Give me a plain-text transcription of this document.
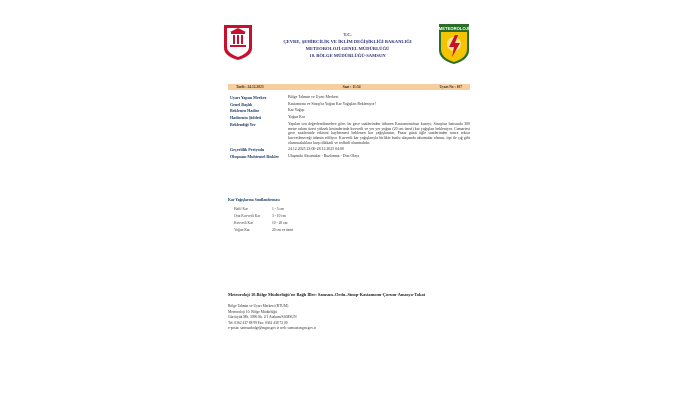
T.C.
ÇEVRE, ŞEHİRCİLİK VE İKLİM DEĞİŞİKLİĞİ BAKANLIĞI
METEOROLOJİ GENEL MÜDÜRLÜĞÜ
10. BÖLGE MÜDÜRLÜĞÜ-SAMSUN
METEOROLOJİ
Tarih : 24.12.2025	Saat : 11:54	Uyarı No : 107
Uyarı Yapan Merkez	Bölge Tahmin ve Uyarı Merkezi
Genel Başlık	Kastamonu ve Sinop'ta Yoğun Kar Yağışları Bekleniyor!
Beklenen Hadise	Kar Yağışı
Hadisenin Şiddeti	Yoğun Kar
Beklendiği Yer	Yapılan son değerlendirmelere göre; bu gece saatlerinden itibaren Kastamonu'nun kuzeyi, Sinop'un batısında 300 metre rakım üzeri yüksek kesimlerinde kuvvetli ve yer yer yoğun (20 cm üzeri) kar yağışları bekleniyor. Cumartesi gece saatlerinde etkisini kaybetmesi beklenen kar yağışlarının, Pazar günü öğle saatlerinden sonra tekrar kuvvetleneceği tahmin ediliyor. Kuvvetli kar yağışlarıyla birlikte buzlu ulaşımda aksamalar olması, tipi ile çığ gibi olumsuzluklara karşı dikkatli ve tedbirli olunmalıdır.
Geçerlilik Periyodu	24.12.2025 23:00-28.12.2025 04:00
Oluşması Muhtemel Riskler	Ulaşımda Aksamalar - Buzlanma - Don Olayı
Kar Yağışlarına Sınıflandırması
Hafif Kar	1 - 3 cm
Orta Kuvvetli Kar	3 - 10 cm
Kuvvetli Kar	10 - 20 cm
Yoğun Kar	20 cm ve üzeri
Meteoroloji 10.Bölge Müdürlüğü'ne Bağlı İller: Samsun–Ordu–Sinop-Kastamonu-Çorum-Amasya-Tokat
Bölge Tahmin ve Uyarı Merkezi (BTUM)
Meteoroloji 10. Bölge Müdürlüğü
Gürcüyük Mh. 3096 Sk. 2/1 Atakum/SAMSUN
Tel: 0362 437 88 99 Fax: 0362 438 72 00
e-posta: samsunbolge@mgm.gov.tr web: samsun.mgm.gov.tr
